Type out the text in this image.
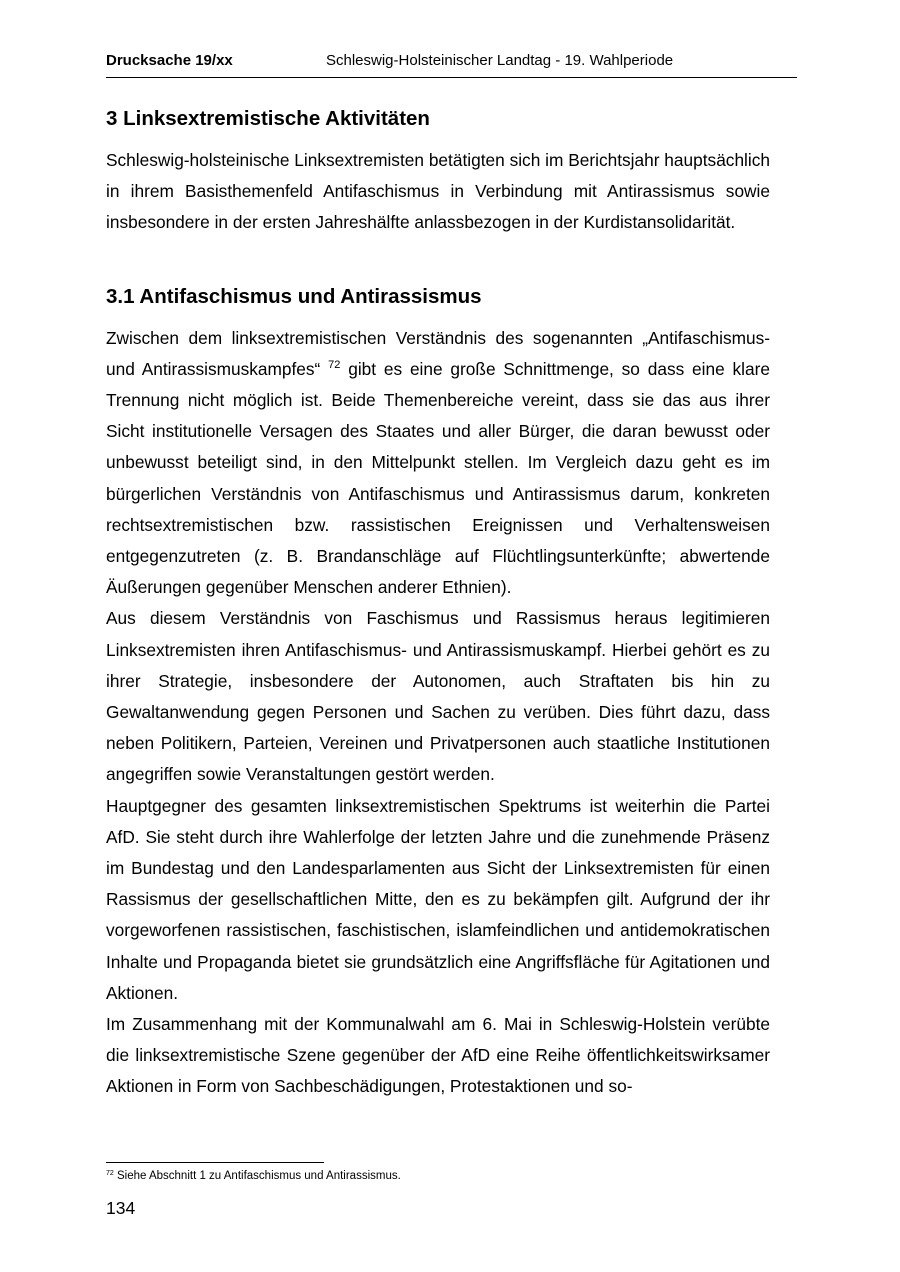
Drucksache 19/xx	Schleswig-Holsteinischer Landtag - 19. Wahlperiode
3 Linksextremistische Aktivitäten

Schleswig-holsteinische Linksextremisten betätigten sich im Berichtsjahr hauptsächlich in ihrem Basisthemenfeld Antifaschismus in Verbindung mit Antirassismus sowie insbesondere in der ersten Jahreshälfte anlassbezogen in der Kurdistansolidarität.

3.1 Antifaschismus und Antirassismus

Zwischen dem linksextremistischen Verständnis des sogenannten „Antifaschismus- und Antirassismuskampfes“ $^{72}$ gibt es eine große Schnittmenge, so dass eine klare Trennung nicht möglich ist. Beide Themenbereiche vereint, dass sie das aus ihrer Sicht institutionelle Versagen des Staates und aller Bürger, die daran bewusst oder unbewusst beteiligt sind, in den Mittelpunkt stellen. Im Vergleich dazu geht es im bürgerlichen Verständnis von Antifaschismus und Antirassismus darum, konkreten rechtsextremistischen bzw. rassistischen Ereignissen und Verhaltensweisen entgegenzutreten (z. B. Brandanschläge auf Flüchtlingsunterkünfte; abwertende Äußerungen gegenüber Menschen anderer Ethnien).

Aus diesem Verständnis von Faschismus und Rassismus heraus legitimieren Linksextremisten ihren Antifaschismus- und Antirassismuskampf. Hierbei gehört es zu ihrer Strategie, insbesondere der Autonomen, auch Straftaten bis hin zu Gewaltanwendung gegen Personen und Sachen zu verüben. Dies führt dazu, dass neben Politikern, Parteien, Vereinen und Privatpersonen auch staatliche Institutionen angegriffen sowie Veranstaltungen gestört werden.

Hauptgegner des gesamten linksextremistischen Spektrums ist weiterhin die Partei AfD. Sie steht durch ihre Wahlerfolge der letzten Jahre und die zunehmende Präsenz im Bundestag und den Landesparlamenten aus Sicht der Linksextremisten für einen Rassismus der gesellschaftlichen Mitte, den es zu bekämpfen gilt. Aufgrund der ihr vorgeworfenen rassistischen, faschistischen, islamfeindlichen und antidemokratischen Inhalte und Propaganda bietet sie grundsätzlich eine Angriffsfläche für Agitationen und Aktionen.

Im Zusammenhang mit der Kommunalwahl am 6. Mai in Schleswig-Holstein verübte die linksextremistische Szene gegenüber der AfD eine Reihe öffentlichkeitswirksamer Aktionen in Form von Sachbeschädigungen, Protestaktionen und so-

$^{72}$ Siehe Abschnitt 1 zu Antifaschismus und Antirassismus.
134
